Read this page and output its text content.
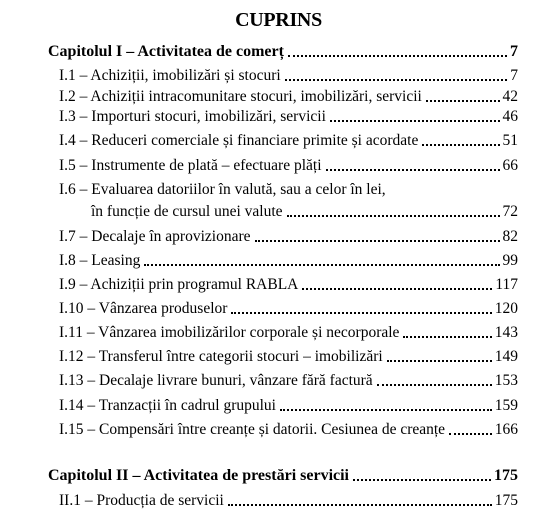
CUPRINS
Capitolul I – Activitatea de comerț	7
I.1 – Achiziții, imobilizări și stocuri	7
I.2 – Achiziții intracomunitare stocuri, imobilizări, servicii	42
I.3 – Importuri stocuri, imobilizări, servicii	46
I.4 – Reduceri comerciale și financiare primite și acordate	51
I.5 – Instrumente de plată – efectuare plăți	66
I.6 – Evaluarea datoriilor în valută, sau a celor în lei,
în funcție de cursul unei valute	72
I.7 – Decalaje în aprovizionare	82
I.8 – Leasing	99
I.9 – Achiziții prin programul RABLA	117
I.10 – Vânzarea produselor	120
I.11 – Vânzarea imobilizărilor corporale și necorporale	143
I.12 – Transferul între categorii stocuri – imobilizări	149
I.13 – Decalaje livrare bunuri, vânzare fără factură	153
I.14 – Tranzacții în cadrul grupului	159
I.15 – Compensări între creanțe și datorii. Cesiunea de creanțe	166
Capitolul II – Activitatea de prestări servicii	175
II.1 – Producția de servicii	175
